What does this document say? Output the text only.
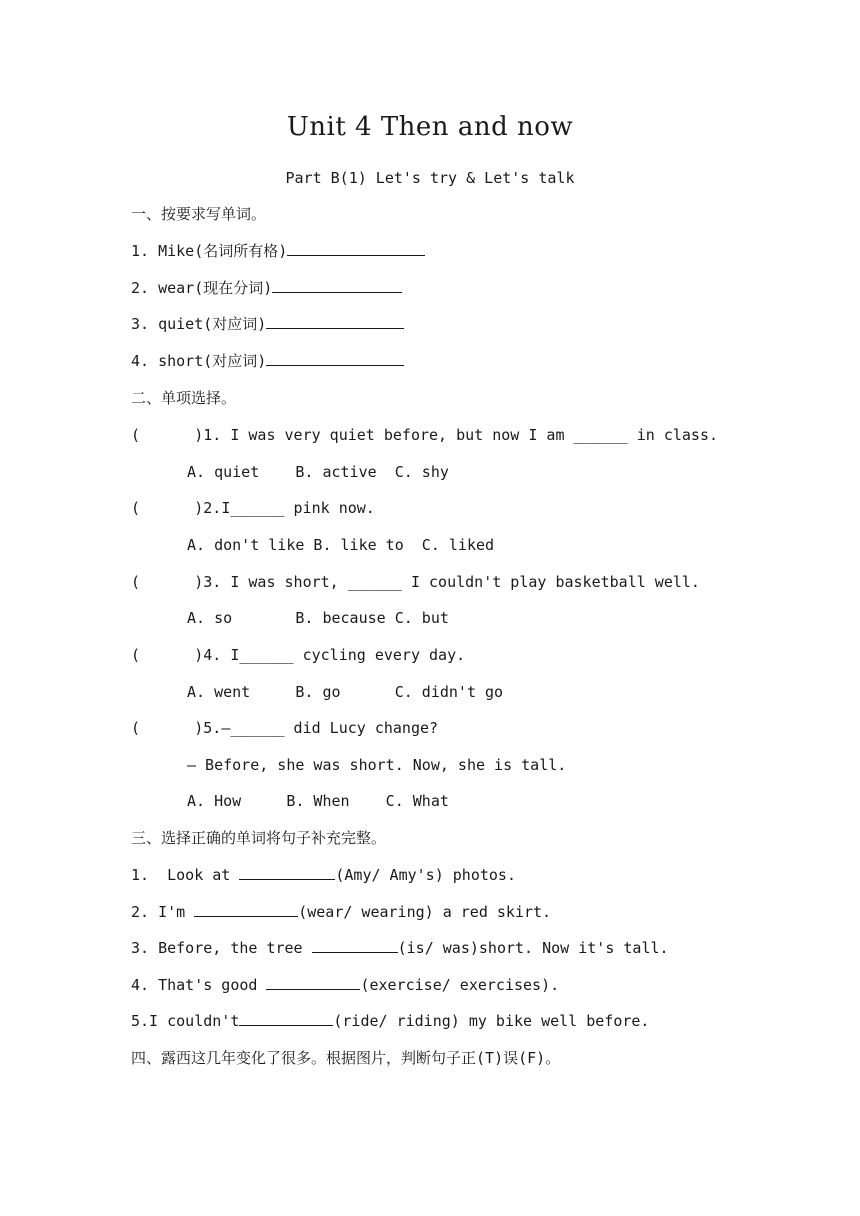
Unit 4 Then and now
Part B(1) Let's try & Let's talk
一、按要求写单词。
1. Mike(名词所有格)
2. wear(现在分词)
3. quiet(对应词)
4. short(对应词)
二、单项选择。
(      )1. I was very quiet before, but now I am ______ in class.
A. quiet    B. active  C. shy
(      )2.I______ pink now.
A. don't like B. like to  C. liked
(      )3. I was short, ______ I couldn't play basketball well.
A. so       B. because C. but
(      )4. I______ cycling every day.
A. went     B. go      C. didn't go
(      )5.—______ did Lucy change?
— Before, she was short. Now, she is tall.
A. How     B. When    C. What
三、选择正确的单词将句子补充完整。
1.  Look at	(Amy/ Amy's) photos.
2. I'm	(wear/ wearing) a red skirt.
3. Before, the tree	(is/ was)short. Now it's tall.
4. That's good	(exercise/ exercises).
5.I couldn't	(ride/ riding) my bike well before.
四、露西这几年变化了很多。根据图片，判断句子正(T)误(F)。
